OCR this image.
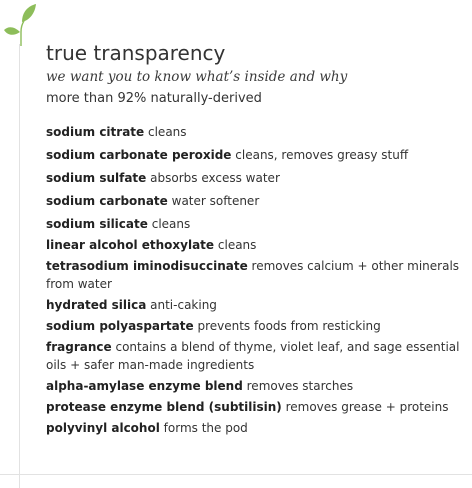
true transparency
we want you to know what’s inside and why
more than 92% naturally-derived
sodium citrate cleans
sodium carbonate peroxide cleans, removes greasy stuff
sodium sulfate absorbs excess water
sodium carbonate water softener
sodium silicate cleans
linear alcohol ethoxylate cleans
tetrasodium iminodisuccinate removes calcium + other minerals from water
hydrated silica anti-caking
sodium polyaspartate prevents foods from resticking
fragrance contains a blend of thyme, violet leaf, and sage essential oils + safer man-made ingredients
alpha-amylase enzyme blend removes starches
protease enzyme blend (subtilisin) removes grease + proteins
polyvinyl alcohol forms the pod
